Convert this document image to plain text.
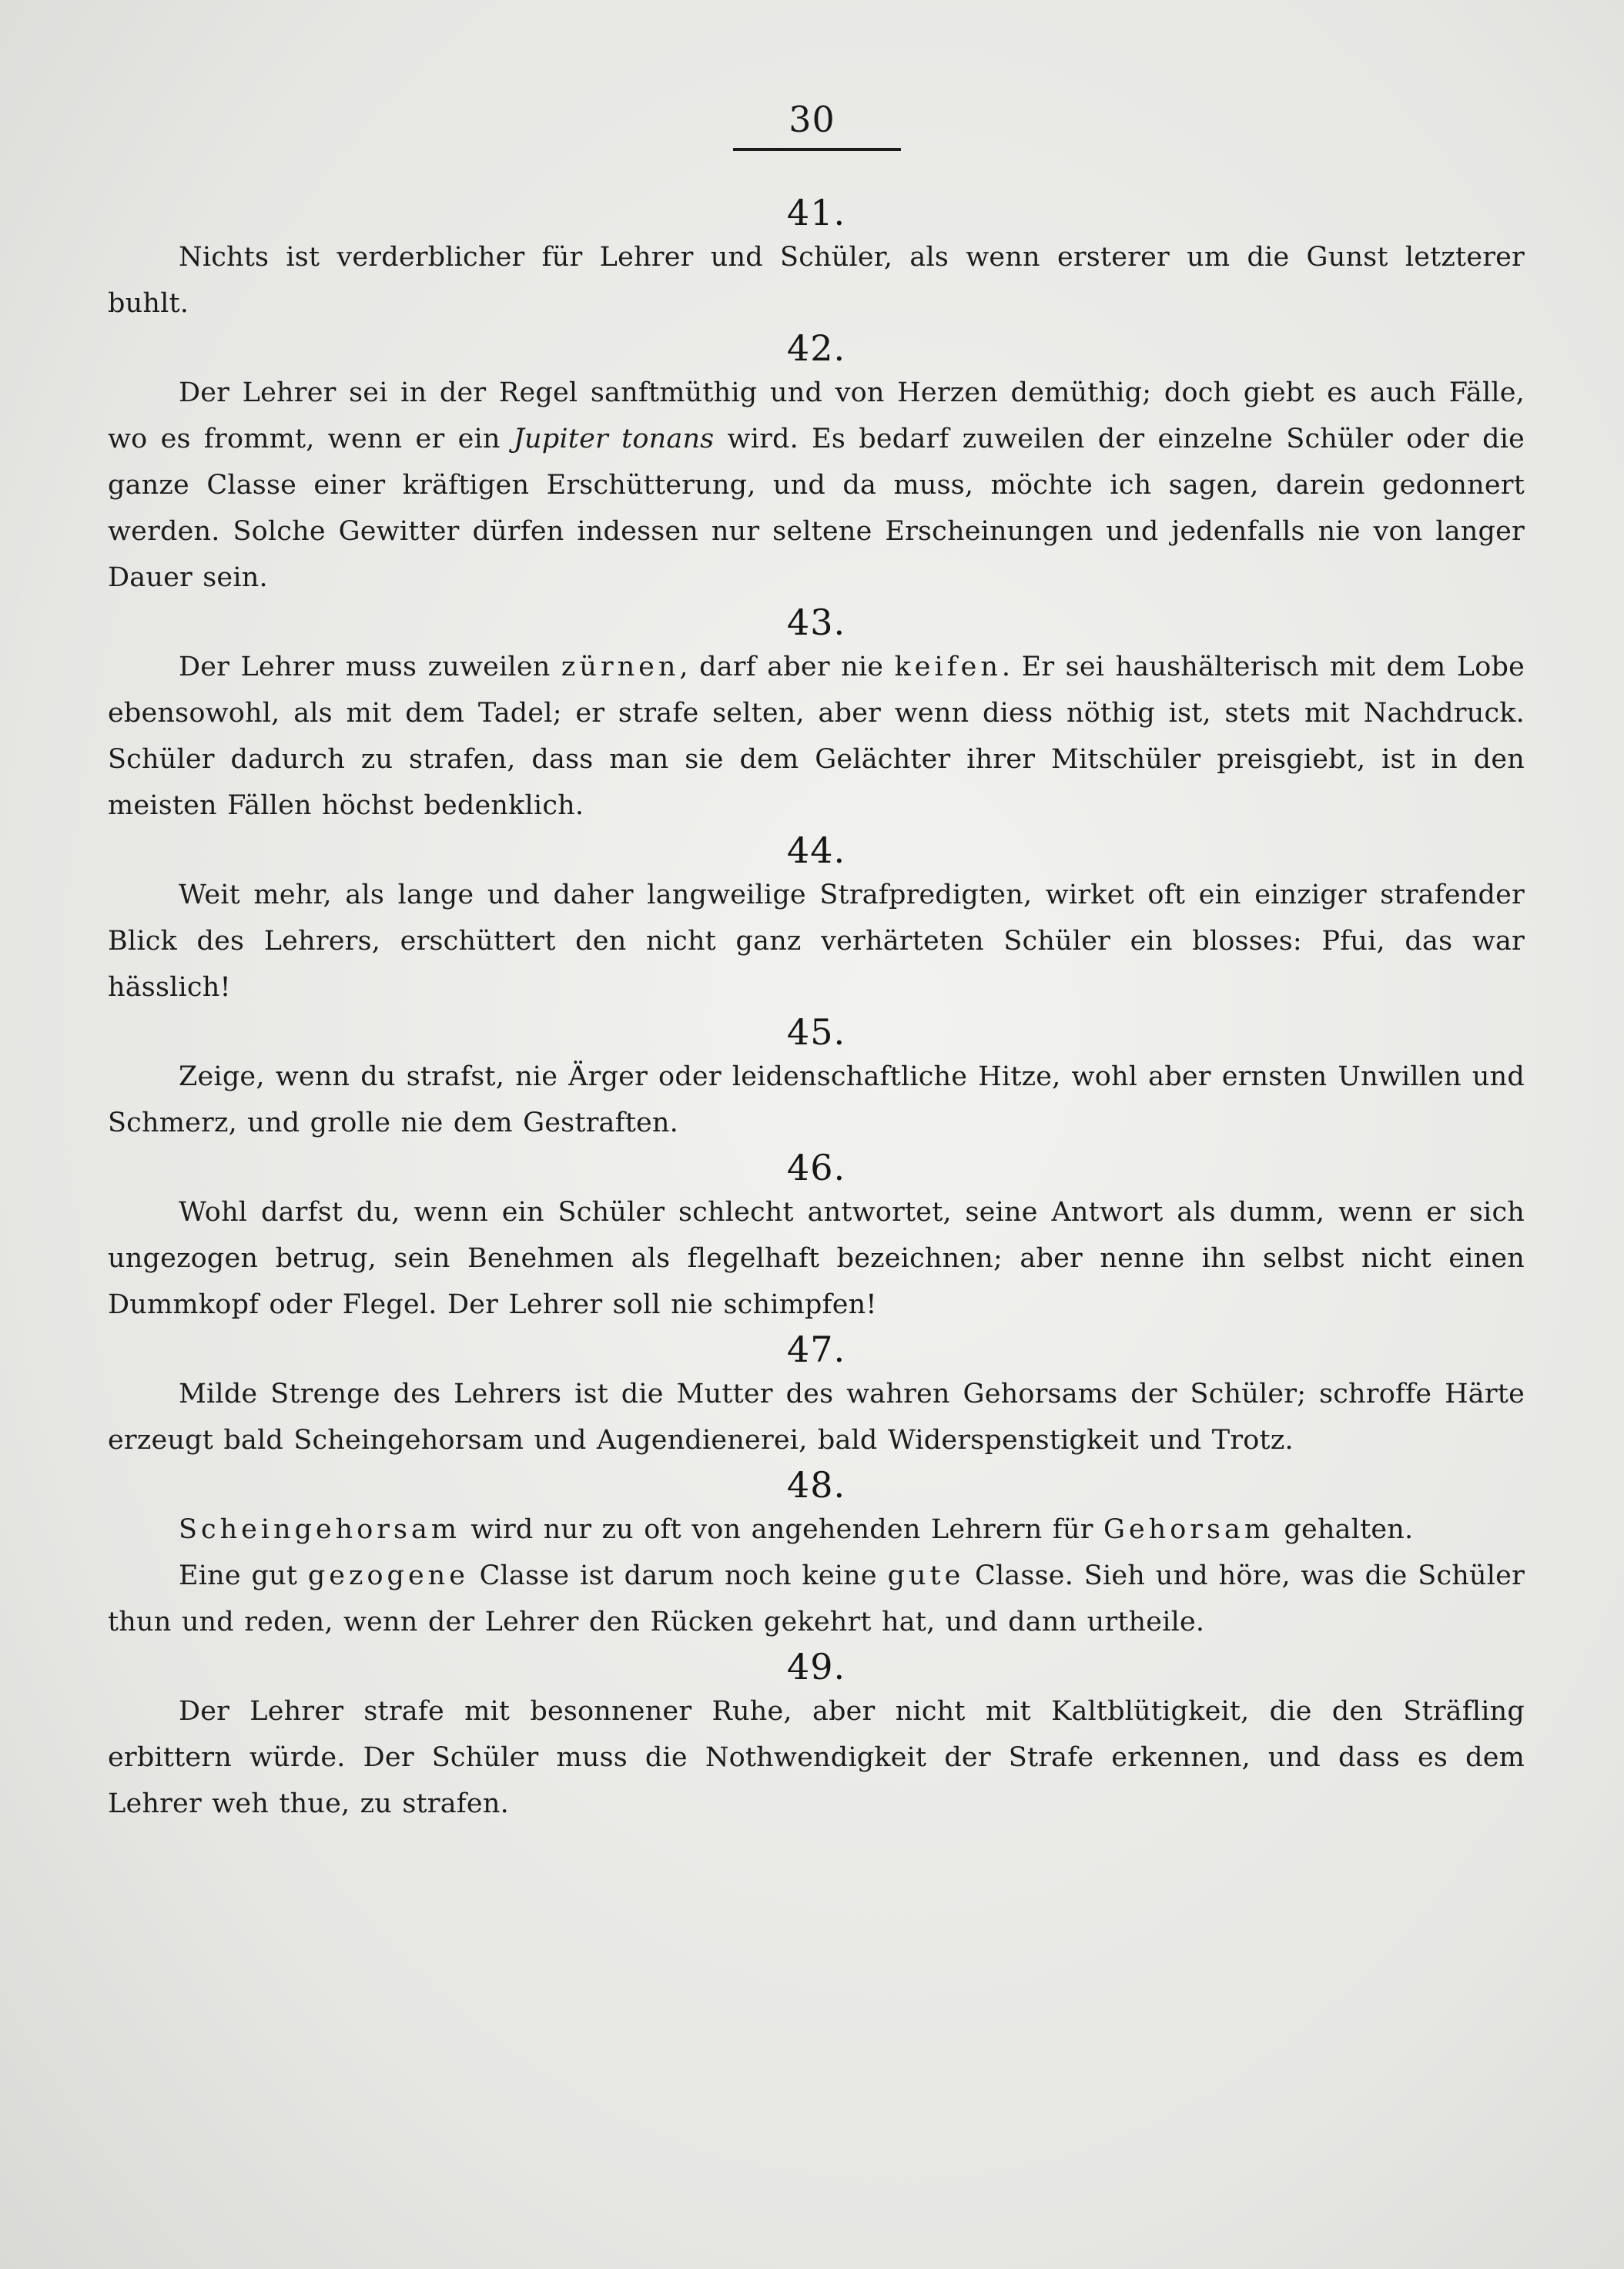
30
41.

Nichts ist verderblicher für Lehrer und Schüler, als wenn ersterer um die Gunst letzterer buhlt.

42.

Der Lehrer sei in der Regel sanftmüthig und von Herzen demüthig; doch giebt es auch Fälle, wo es frommt, wenn er ein Jupiter tonans wird. Es bedarf zuweilen der einzelne Schüler oder die ganze Classe einer kräftigen Erschütterung, und da muss, möchte ich sagen, darein gedonnert werden. Solche Gewitter dürfen indessen nur seltene Erscheinungen und jedenfalls nie von langer Dauer sein.

43.

Der Lehrer muss zuweilen zürnen, darf aber nie keifen. Er sei haushälterisch mit dem Lobe ebensowohl, als mit dem Tadel; er strafe selten, aber wenn diess nöthig ist, stets mit Nachdruck. Schüler dadurch zu strafen, dass man sie dem Gelächter ihrer Mitschüler preisgiebt, ist in den meisten Fällen höchst bedenklich.

44.

Weit mehr, als lange und daher langweilige Strafpredigten, wirket oft ein einziger strafender Blick des Lehrers, erschüttert den nicht ganz verhärteten Schüler ein blosses: Pfui, das war hässlich!

45.

Zeige, wenn du strafst, nie Ärger oder leidenschaftliche Hitze, wohl aber ernsten Unwillen und Schmerz, und grolle nie dem Gestraften.

46.

Wohl darfst du, wenn ein Schüler schlecht antwortet, seine Antwort als dumm, wenn er sich ungezogen betrug, sein Benehmen als flegelhaft bezeichnen; aber nenne ihn selbst nicht einen Dummkopf oder Flegel. Der Lehrer soll nie schimpfen!

47.

Milde Strenge des Lehrers ist die Mutter des wahren Gehorsams der Schüler; schroffe Härte erzeugt bald Scheingehorsam und Augendienerei, bald Widerspenstigkeit und Trotz.

48.

Scheingehorsam wird nur zu oft von angehenden Lehrern für Gehorsam gehalten.

Eine gut gezogene Classe ist darum noch keine gute Classe. Sieh und höre, was die Schüler thun und reden, wenn der Lehrer den Rücken gekehrt hat, und dann urtheile.

49.

Der Lehrer strafe mit besonnener Ruhe, aber nicht mit Kaltblütigkeit, die den Sträfling erbittern würde. Der Schüler muss die Nothwendigkeit der Strafe erkennen, und dass es dem Lehrer weh thue, zu strafen.
